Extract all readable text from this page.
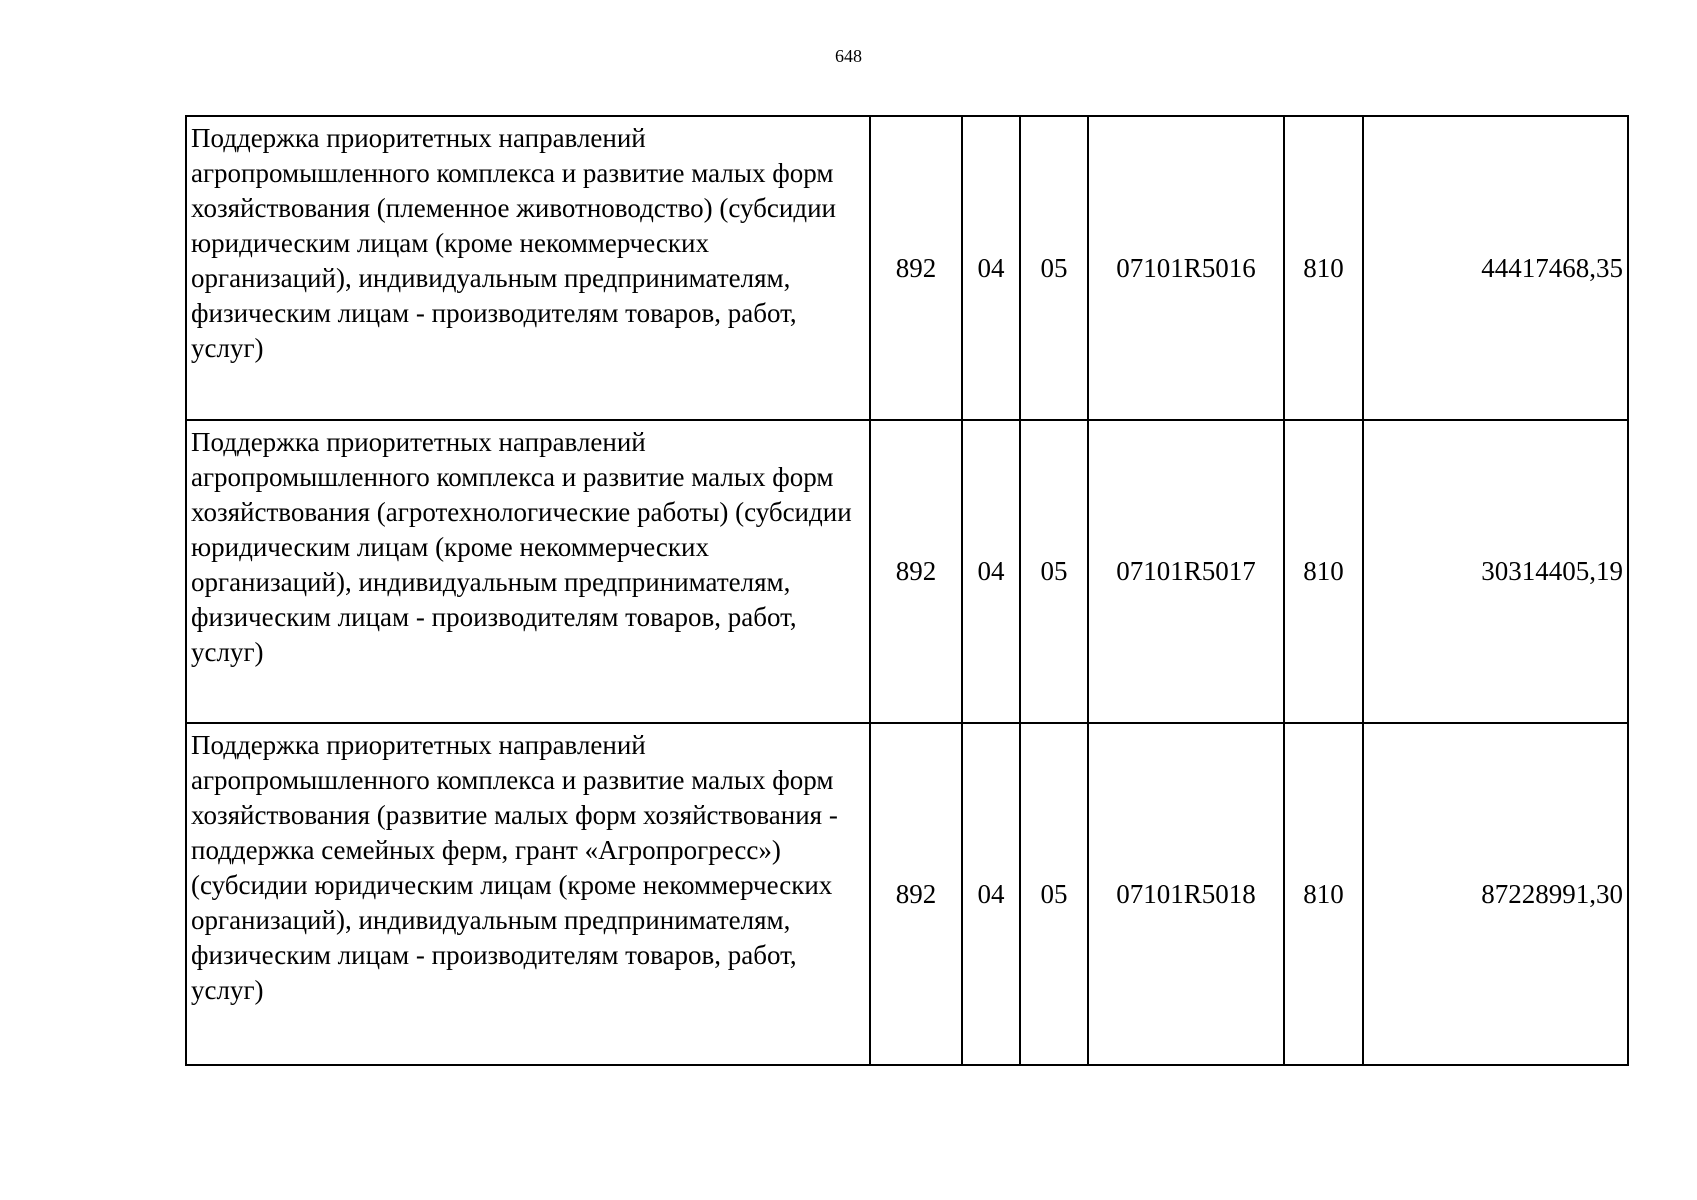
648
Поддержка приоритетных направлений агропромышленного комплекса и развитие малых форм хозяйствования (племенное животноводство) (субсидии юридическим лицам (кроме некоммерческих организаций), индивидуальным предпринимателям, физическим лицам - производителям товаров, работ, услуг)	892	04	05	07101R5016	810	44417468,35
Поддержка приоритетных направлений агропромышленного комплекса и развитие малых форм хозяйствования (агротехнологические работы) (субсидии юридическим лицам (кроме некоммерческих организаций), индивидуальным предпринимателям, физическим лицам - производителям товаров, работ, услуг)	892	04	05	07101R5017	810	30314405,19
Поддержка приоритетных направлений агропромышленного комплекса и развитие малых форм хозяйствования (развитие малых форм хозяйствования - поддержка семейных ферм, грант «Агропрогресс») (субсидии юридическим лицам (кроме некоммерческих организаций), индивидуальным предпринимателям, физическим лицам - производителям товаров, работ, услуг)	892	04	05	07101R5018	810	87228991,30
